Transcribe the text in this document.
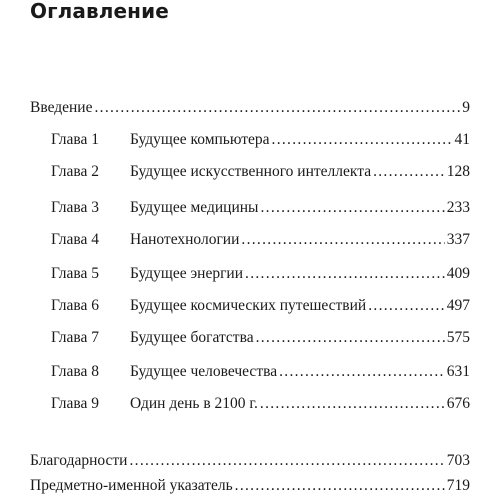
Оглавление
Введение .....	9
Глава 1	Будущее компьютера .....	41
Глава 2	Будущее искусственного интеллекта .....	128
Глава 3	Будущее медицины .....	233
Глава 4	Нанотехнологии .....	337
Глава 5	Будущее энергии .....	409
Глава 6	Будущее космических путешествий .....	497
Глава 7	Будущее богатства .....	575
Глава 8	Будущее человечества .....	631
Глава 9	Один день в 2100 г. .....	676
Благодарности .....	703
Предметно-именной указатель .....	719
